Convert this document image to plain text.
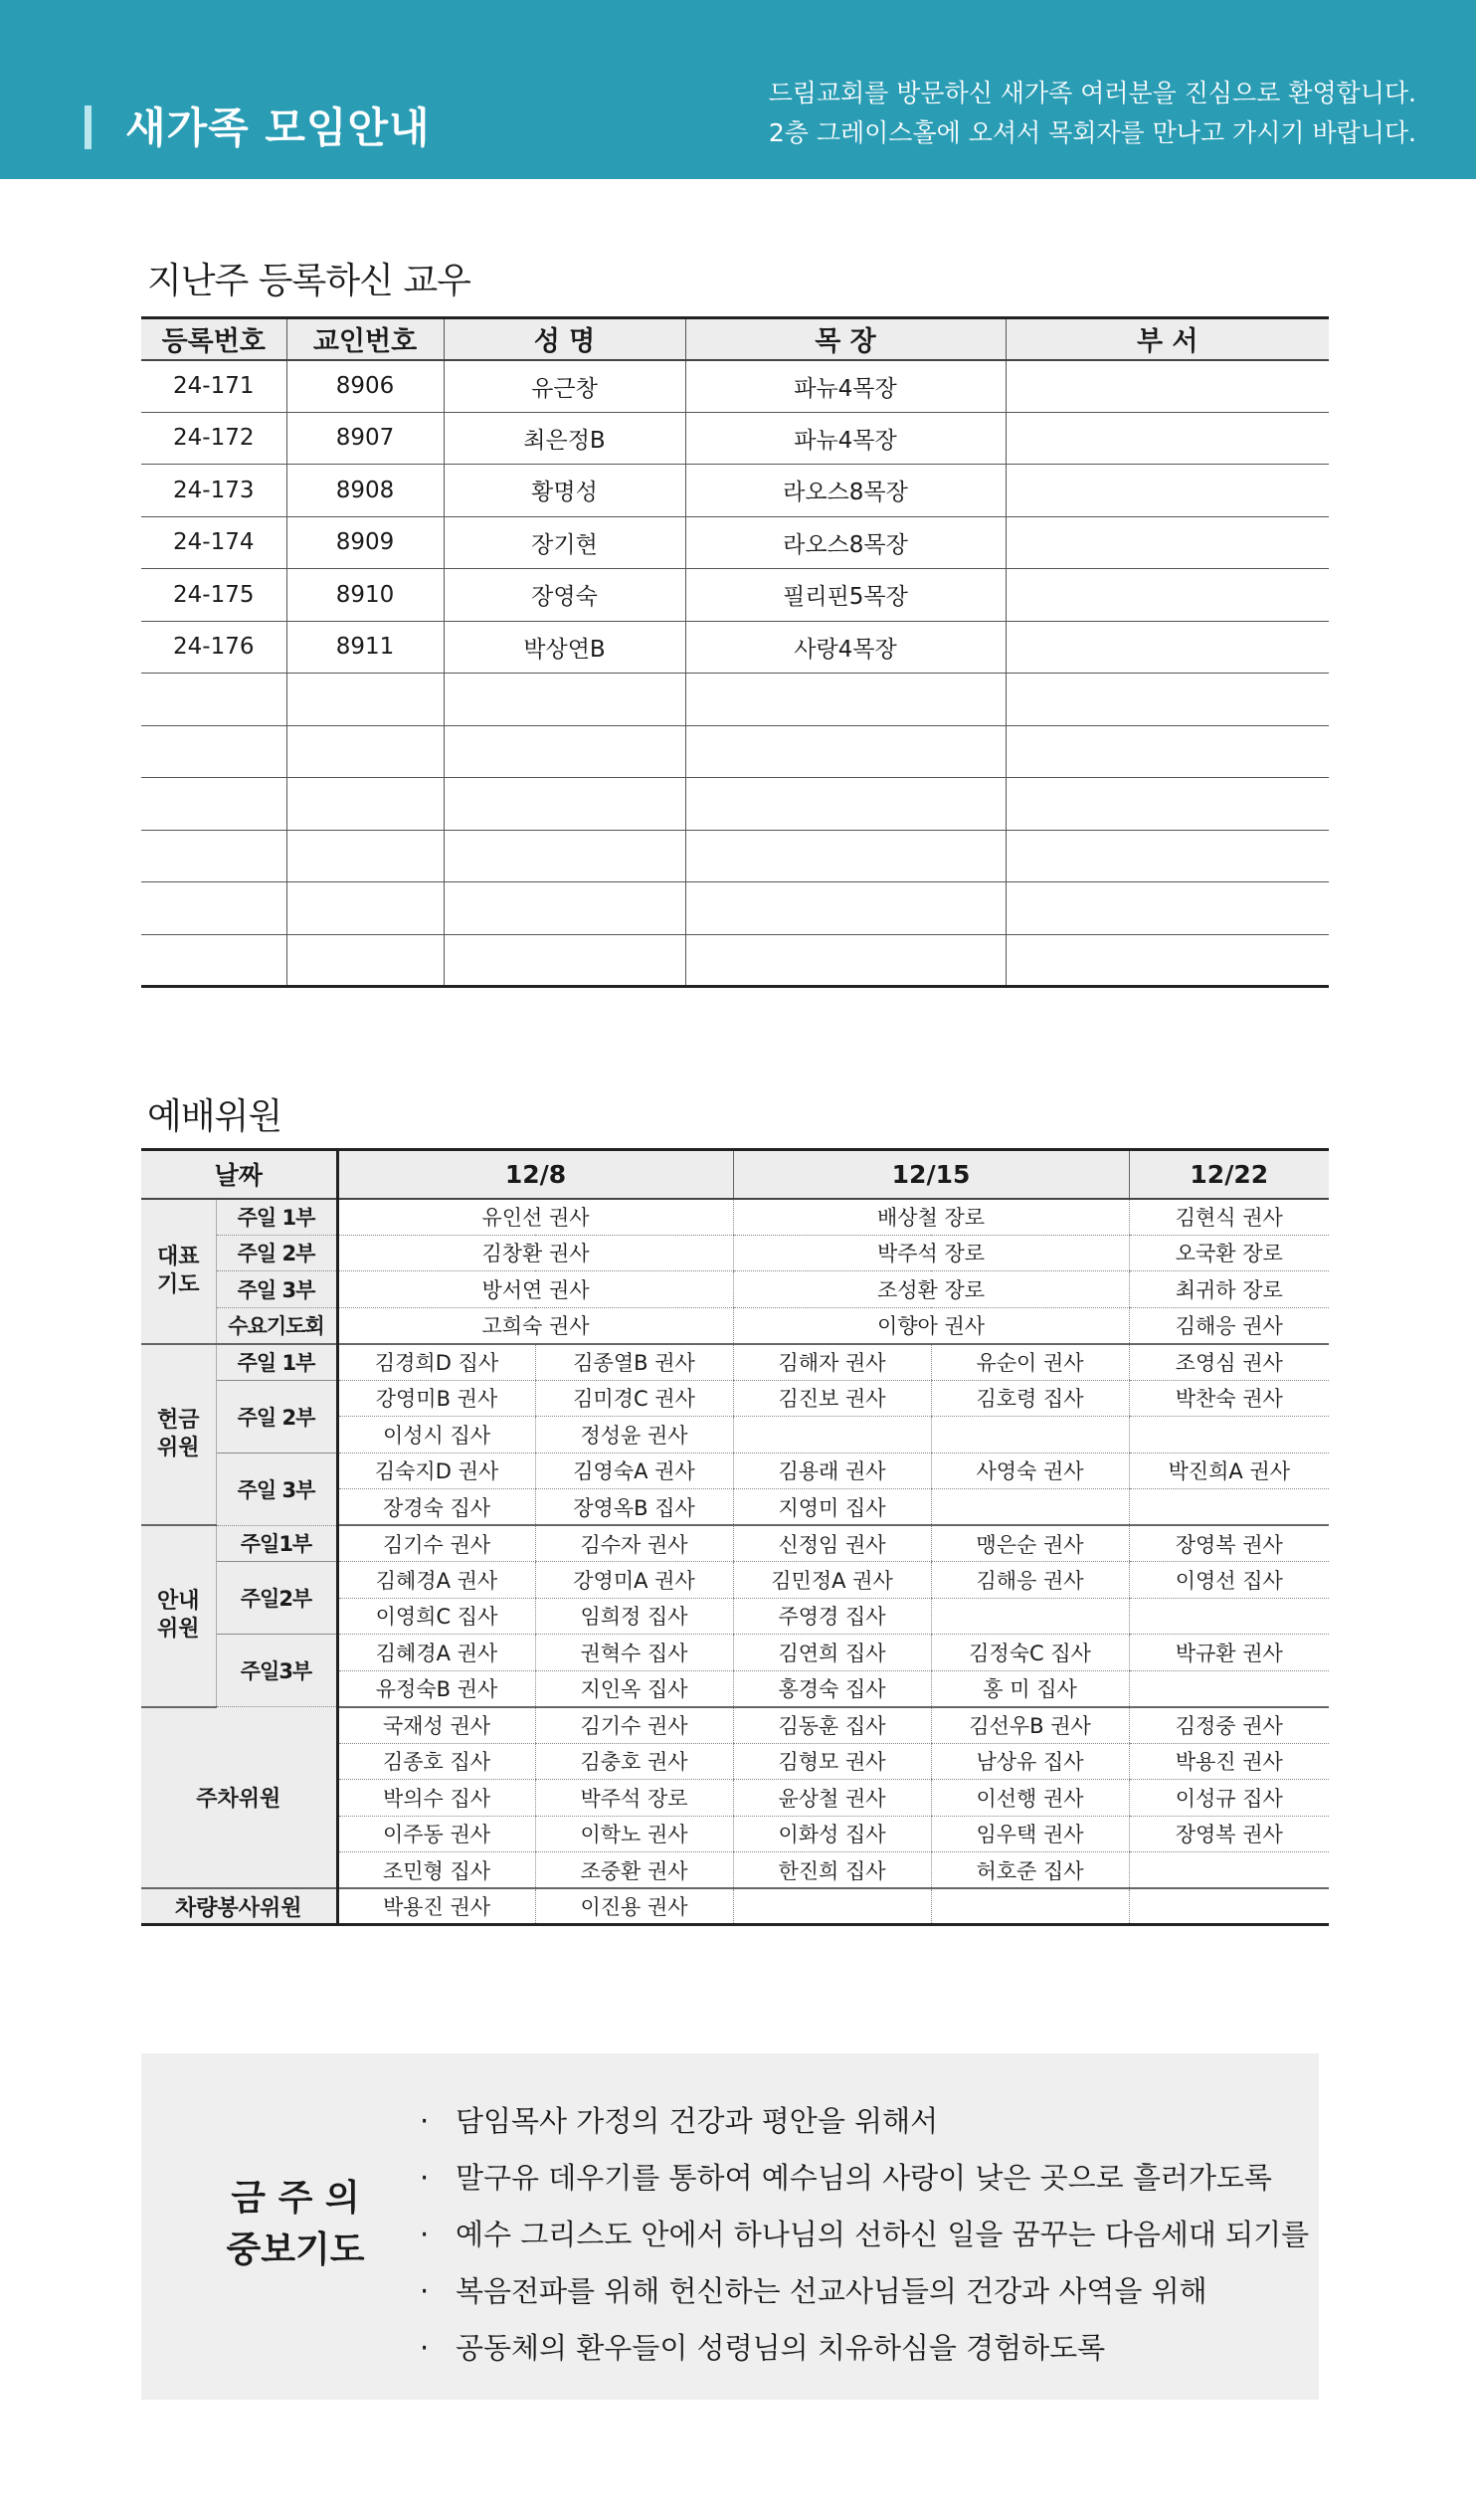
새가족 모임안내
드림교회를 방문하신 새가족 여러분을 진심으로 환영합니다.
2층 그레이스홀에 오셔서 목회자를 만나고 가시기 바랍니다.
지난주 등록하신 교우
등록번호	교인번호	성 명	목 장	부 서
24-171	8906	유근창	파뉴4목장	
24-172	8907	최은정B	파뉴4목장	
24-173	8908	황명성	라오스8목장	
24-174	8909	장기현	라오스8목장	
24-175	8910	장영숙	필리핀5목장	
24-176	8911	박상연B	사랑4목장	

예배위원
날짜		12/8		12/15		12/22
대표
기도	주일 1부	유인선 권사		배상철 장로		김현식 권사
	주일 2부	김창환 권사		박주석 장로		오국환 장로
	주일 3부	방서연 권사		조성환 장로		최귀하 장로
	수요기도회	고희숙 권사		이향아 권사		김해응 권사
헌금
위원	주일 1부	김경희D 집사	김종열B 권사	김해자 권사	유순이 권사	조영심 권사
	주일 2부	강영미B 권사	김미경C 권사	김진보 권사	김호령 집사	박찬숙 권사
		이성시 집사	정성윤 권사			
	주일 3부	김숙지D 권사	김영숙A 권사	김용래 권사	사영숙 권사	박진희A 권사
		장경숙 집사	장영옥B 집사	지영미 집사		
안내
위원	주일1부	김기수 권사	김수자 권사	신정임 권사	맹은순 권사	장영복 권사
	주일2부	김혜경A 권사	강영미A 권사	김민정A 권사	김해응 권사	이영선 집사
		이영희C 집사	임희정 집사	주영경 집사		
	주일3부	김혜경A 권사	권혁수 집사	김연희 집사	김정숙C 집사	박규환 권사
		유정숙B 권사	지인옥 집사	홍경숙 집사	홍 미 집사	
주차위원		국재성 권사	김기수 권사	김동훈 집사	김선우B 권사	김정중 권사
		김종호 집사	김충호 권사	김형모 권사	남상유 집사	박용진 권사
		박의수 집사	박주석 장로	윤상철 권사	이선행 권사	이성규 집사
		이주동 권사	이학노 권사	이화성 집사	임우택 권사	장영복 권사
		조민형 집사	조중환 권사	한진희 집사	허호준 집사	
차량봉사위원		박용진 권사	이진용 권사			
금 주 의
중보기도
· 담임목사 가정의 건강과 평안을 위해서
· 말구유 데우기를 통하여 예수님의 사랑이 낮은 곳으로 흘러가도록
· 예수 그리스도 안에서 하나님의 선하신 일을 꿈꾸는 다음세대 되기를
· 복음전파를 위해 헌신하는 선교사님들의 건강과 사역을 위해
· 공동체의 환우들이 성령님의 치유하심을 경험하도록
